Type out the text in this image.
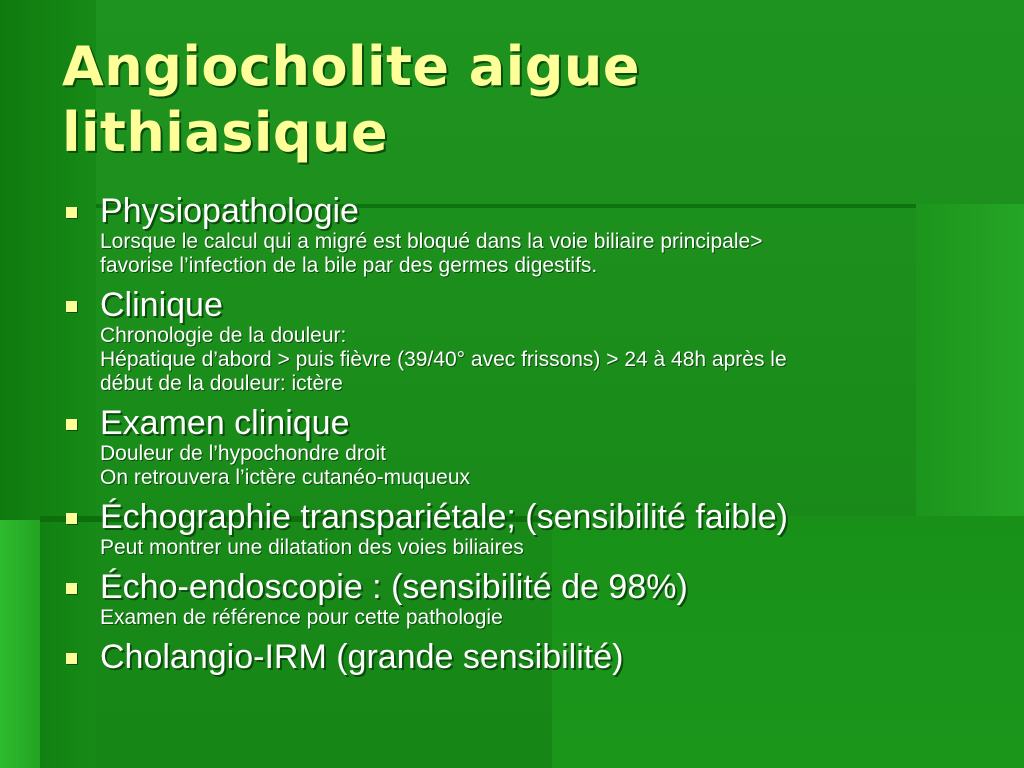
Angiocholite aigue
lithiasique
Physiopathologie
Lorsque le calcul qui a migré est bloqué dans la voie biliaire principale>
favorise l’infection de la bile par des germes digestifs.
Clinique
Chronologie de la douleur:
Hépatique d’abord > puis fièvre (39/40° avec frissons) > 24 à 48h après le
début de la douleur: ictère
Examen clinique
Douleur de l’hypochondre droit
On retrouvera l’ictère cutanéo-muqueux
Échographie transpariétale; (sensibilité faible)
Peut montrer une dilatation des voies biliaires
Écho-endoscopie : (sensibilité de 98%)
Examen de référence pour cette pathologie
Cholangio-IRM (grande sensibilité)
